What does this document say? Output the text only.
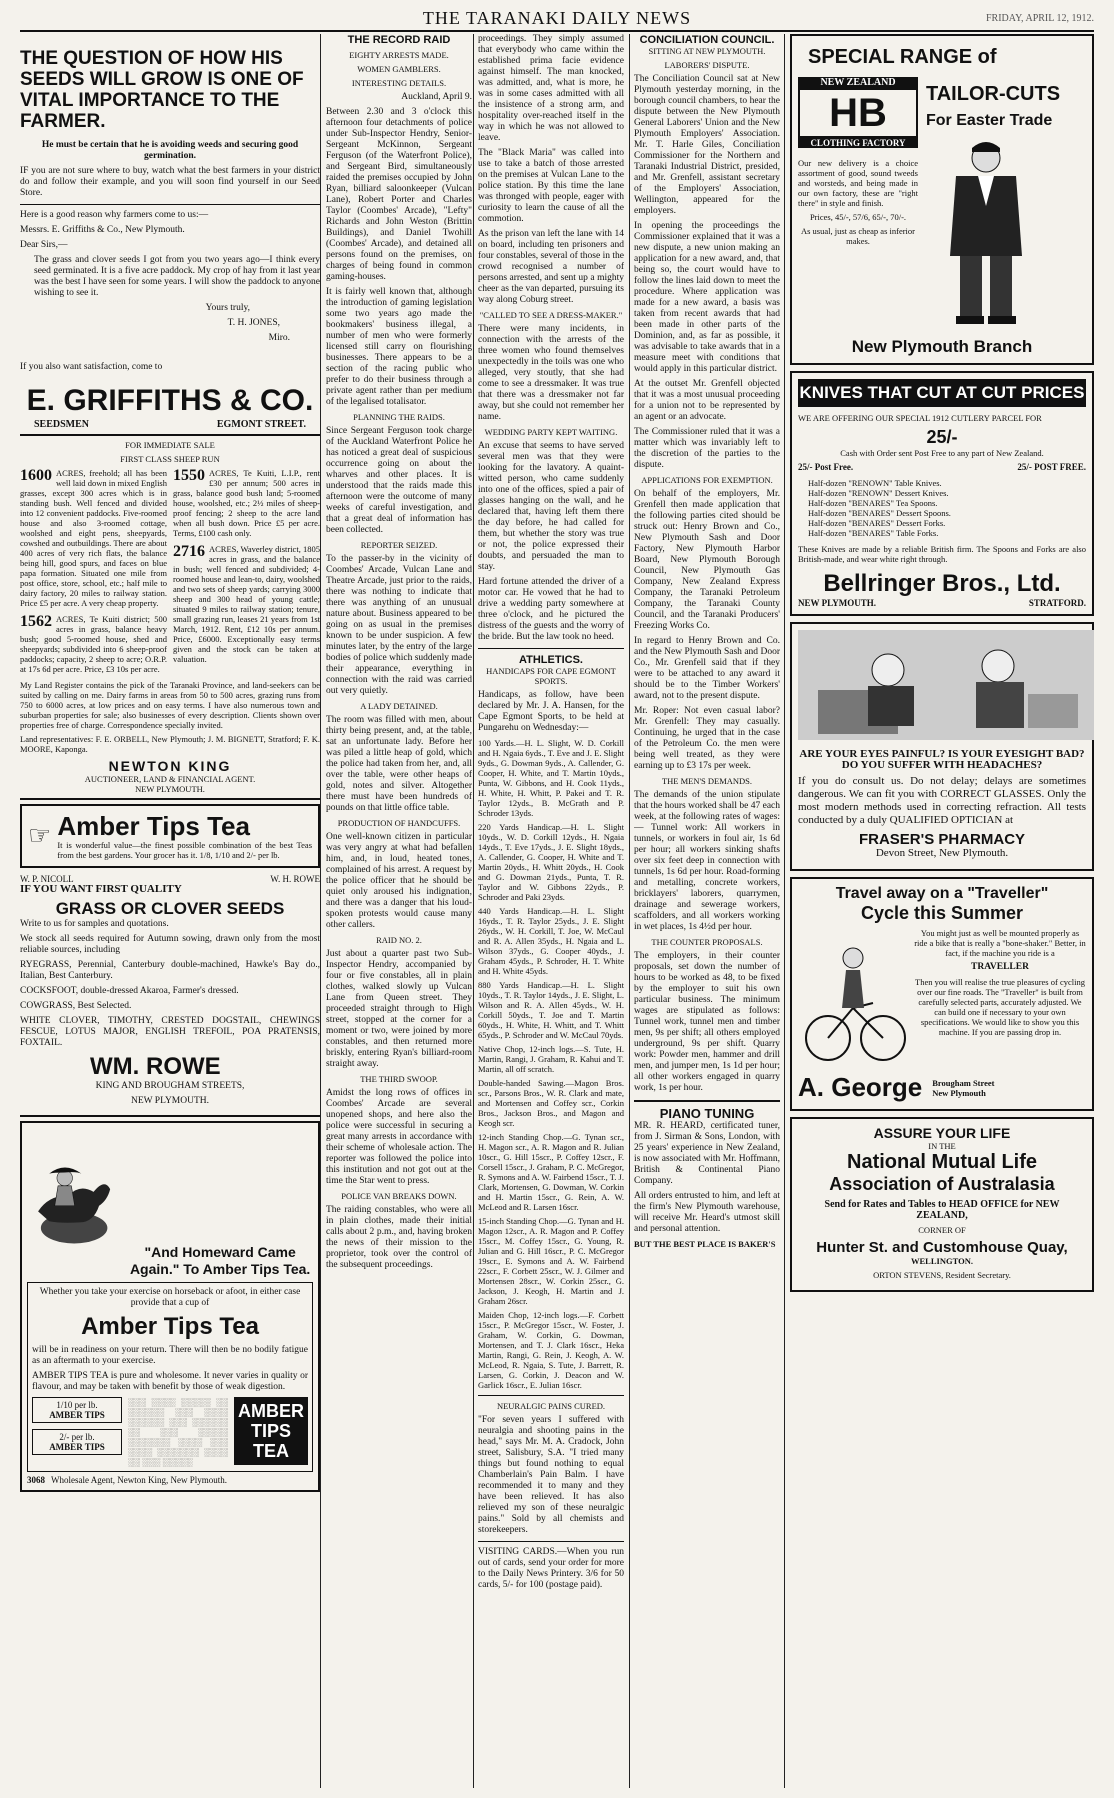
THE TARANAKI DAILY NEWS	FRIDAY, APRIL 12, 1912.
THE QUESTION OF HOW HIS SEEDS WILL GROW IS ONE OF VITAL IMPORTANCE TO THE FARMER.

He must be certain that he is avoiding weeds and securing good germination.

IF you are not sure where to buy, watch what the best farmers in your district do and follow their example, and you will soon find yourself in our Seed Store.

Here is a good reason why farmers come to us:—

Messrs. E. Griffiths & Co., New Plymouth.

Dear Sirs,—

The grass and clover seeds I got from you two years ago—I think every seed germinated. It is a five acre paddock. My crop of hay from it last year was the best I have seen for some years. I will show the paddock to anyone wishing to see it.

Yours truly,

T. H. JONES,

Miro.

If you also want satisfaction, come to

E. GRIFFITHS & CO.
SEEDSMEN	EGMONT STREET.

FOR IMMEDIATE SALE

FIRST CLASS SHEEP RUN

1600 ACRES, freehold; all has been well laid down in mixed English grasses, except 300 acres which is in standing bush. Well fenced and divided into 12 convenient paddocks. Five-roomed house and also 3-roomed cottage, woolshed and eight pens, sheepyards, cowshed and outbuildings. There are about 400 acres of very rich flats, the balance being hill, good spurs, and faces on blue papa formation. Situated one mile from post office, store, school, etc.; half mile to dairy factory, 20 miles to railway station. Price £5 per acre. A very cheap property.
1562 ACRES, Te Kuiti district; 500 acres in grass, balance heavy bush; good 5-roomed house, shed and sheepyards; subdivided into 6 sheep-proof paddocks; capacity, 2 sheep to acre; O.R.P. at 17s 6d per acre. Price, £3 10s per acre.
1550 ACRES, Te Kuiti, L.I.P., rent £30 per annum; 500 acres in grass, balance good bush land; 5-roomed house, woolshed, etc.; 2½ miles of sheep-proof fencing; 2 sheep to the acre land when all bush down. Price £5 per acre. Terms, £100 cash only.
2716 ACRES, Waverley district, 1805 acres in grass, and the balance in bush; well fenced and subdivided; 4-roomed house and lean-to, dairy, woolshed and two sets of sheep yards; carrying 3000 sheep and 300 head of young cattle; situated 9 miles to railway station; tenure, small grazing run, leases 21 years from 1st March, 1912. Rent, £12 10s per annum. Price, £6000. Exceptionally easy terms given and the stock can be taken at valuation.

My Land Register contains the pick of the Taranaki Province, and land-seekers can be suited by calling on me. Dairy farms in areas from 50 to 500 acres, grazing runs from 750 to 6000 acres, at low prices and on easy terms. I have also numerous town and suburban properties for sale; also businesses of every description. Clients shown over properties free of charge. Correspondence specially invited.

Land representatives: F. E. ORBELL, New Plymouth; J. M. BIGNETT, Stratford; F. K. MOORE, Kaponga.

NEWTON KING

AUCTIONEER, LAND & FINANCIAL AGENT.

NEW PLYMOUTH.

☞ Amber Tips Tea

It is wonderful value—the finest possible combination of the best Teas from the best gardens. Your grocer has it. 1/8, 1/10 and 2/- per lb.

W. P. NICOLL	W. H. ROWE

IF YOU WANT FIRST QUALITY

GRASS OR CLOVER SEEDS

Write to us for samples and quotations.

We stock all seeds required for Autumn sowing, drawn only from the most reliable sources, including

RYEGRASS, Perennial, Canterbury double-machined, Hawke's Bay do., Italian, Best Canterbury.

COCKSFOOT, double-dressed Akaroa, Farmer's dressed.

COWGRASS, Best Selected.

WHITE CLOVER, TIMOTHY, CRESTED DOGSTAIL, CHEWINGS FESCUE, LOTUS MAJOR, ENGLISH TREFOIL, POA PRATENSIS, FOXTAIL.

WM. ROWE

KING AND BROUGHAM STREETS,

NEW PLYMOUTH.

"And Homeward Came Again." To Amber Tips Tea.

Whether you take your exercise on horseback or afoot, in either case provide that a cup of

Amber Tips Tea

will be in readiness on your return. There will then be no bodily fatigue as an aftermath to your exercise.

AMBER TIPS TEA is pure and wholesome. It never varies in quality or flavour, and may be taken with benefit by those of weak digestion.

1/10 per lb.
AMBER TIPS
2/- per lb.
AMBER TIPS
░░░ ░░░░ ░░░░░ ░░ ░░░░░░ ░░░ ░░░░ ░░░░░░ ░░░ ░░░░░░ ░░ ░░░ ░░░░░ ░░░░░░░ ░░░░ ░░░ ░░░░ ░░░░░░░ ░░░░ ░░ ░░░ ░░░░░
AMBER TIPS TEA
3068 Wholesale Agent, Newton King, New Plymouth.
THE RECORD RAID

EIGHTY ARRESTS MADE.

WOMEN GAMBLERS.

INTERESTING DETAILS.

Auckland, April 9.

Between 2.30 and 3 o'clock this afternoon four detachments of police under Sub-Inspector Hendry, Senior-Sergeant McKinnon, Sergeant Ferguson (of the Waterfront Police), and Sergeant Bird, simultaneously raided the premises occupied by John Ryan, billiard saloonkeeper (Vulcan Lane), Robert Porter and Charles Taylor (Coombes' Arcade), "Lefty" Richards and John Weston (Brittin Buildings), and Daniel Twohill (Coombes' Arcade), and detained all persons found on the premises, on charges of being found in common gaming-houses.

It is fairly well known that, although the introduction of gaming legislation some two years ago made the bookmakers' business illegal, a number of men who were formerly licensed still carry on flourishing businesses. There appears to be a section of the racing public who prefer to do their business through a private agent rather than per medium of the legalised totalisator.

PLANNING THE RAIDS.

Since Sergeant Ferguson took charge of the Auckland Waterfront Police he has noticed a great deal of suspicious occurrence going on about the wharves and other places. It is understood that the raids made this afternoon were the outcome of many weeks of careful investigation, and that a great deal of information has been collected.

REPORTER SEIZED.

To the passer-by in the vicinity of Coombes' Arcade, Vulcan Lane and Theatre Arcade, just prior to the raids, there was nothing to indicate that there was anything of an unusual nature about. Business appeared to be going on as usual in the premises known to be under suspicion. A few minutes later, by the entry of the large bodies of police which suddenly made their appearance, everything in connection with the raid was carried out very quietly.

A LADY DETAINED.

The room was filled with men, about thirty being present, and, at the table, sat an unfortunate lady. Before her was piled a little heap of gold, which the police had taken from her, and, all over the table, were other heaps of gold, notes and silver. Altogether there must have been hundreds of pounds on that little office table.

PRODUCTION OF HANDCUFFS.

One well-known citizen in particular was very angry at what had befallen him, and, in loud, heated tones, complained of his arrest. A request by the police officer that he should be quiet only aroused his indignation, and there was a danger that his loud-spoken protests would cause many other callers.

RAID NO. 2.

Just about a quarter past two Sub-Inspector Hendry, accompanied by four or five constables, all in plain clothes, walked slowly up Vulcan Lane from Queen street. They proceeded straight through to High street, stopped at the corner for a moment or two, were joined by more constables, and then returned more briskly, entering Ryan's billiard-room straight away.

THE THIRD SWOOP.

Amidst the long rows of offices in Coombes' Arcade are several unopened shops, and here also the police were successful in securing a great many arrests in accordance with their scheme of wholesale action. The reporter was followed the police into this institution and not got out at the time the Star went to press.

POLICE VAN BREAKS DOWN.

The raiding constables, who were all in plain clothes, made their initial calls about 2 p.m., and, having broken the news of their mission to the proprietor, took over the control of the subsequent proceedings.

proceedings. They simply assumed that everybody who came within the established prima facie evidence against himself. The man knocked, was admitted, and, what is more, he was in some cases admitted with all the insistence of a strong arm, and hospitality over-reached itself in the way in which he was not allowed to leave.

The "Black Maria" was called into use to take a batch of those arrested on the premises at Vulcan Lane to the police station. By this time the lane was thronged with people, eager with curiosity to learn the cause of all the commotion.

As the prison van left the lane with 14 on board, including ten prisoners and four constables, several of those in the crowd recognised a number of persons arrested, and sent up a mighty cheer as the van departed, pursuing its way along Coburg street.

"CALLED TO SEE A DRESS-MAKER."

There were many incidents, in connection with the arrests of the three women who found themselves unexpectedly in the toils was one who alleged, very stoutly, that she had come to see a dressmaker. It was true that there was a dressmaker not far away, but she could not remember her name.

WEDDING PARTY KEPT WAITING.

An excuse that seems to have served several men was that they were looking for the lavatory. A quaint-witted person, who came suddenly into one of the offices, spied a pair of glasses hanging on the wall, and he declared that, having left them there the day before, he had called for them, but whether the story was true or not, the police expressed their doubts, and persuaded the man to stay.

Hard fortune attended the driver of a motor car. He vowed that he had to drive a wedding party somewhere at three o'clock, and he pictured the distress of the guests and the worry of the bride. But the law took no heed.

ATHLETICS.

HANDICAPS FOR CAPE EGMONT SPORTS.

Handicaps, as follow, have been declared by Mr. J. A. Hansen, for the Cape Egmont Sports, to be held at Pungarehu on Wednesday:—

100 Yards.—H. L. Slight, W. D. Corkill and H. Ngaia 6yds., T. Eve and J. E. Slight 9yds., G. Dowman 9yds., A. Callender, G. Cooper, H. White, and T. Martin 10yds., Punta, W. Gibbons, and H. Cook 11yds., H. White, H. Whitt, P. Pakei and T. R. Taylor 12yds., B. McGrath and P. Schroder 13yds.

220 Yards Handicap.—H. L. Slight 10yds., W. D. Corkill 12yds., H. Ngaia 14yds., T. Eve 17yds., J. E. Slight 18yds., A. Callender, G. Cooper, H. White and T. Martin 20yds., H. Whitt 20yds., H. Cook and G. Dowman 21yds., Punta, T. R. Taylor and W. Gibbons 22yds., P. Schroder and Paki 23yds.

440 Yards Handicap.—H. L. Slight 16yds., T. R. Taylor 25yds., J. E. Slight 26yds., W. H. Corkill, T. Joe, W. McCaul and R. A. Allen 35yds., H. Ngaia and L. Wilson 37yds., G. Cooper 40yds., J. Graham 45yds., P. Schroder, H. T. White and H. White 45yds.

880 Yards Handicap.—H. L. Slight 10yds., T. R. Taylor 14yds., J. E. Slight, L. Wilson and R. A. Allen 45yds., W. H. Corkill 50yds., T. Joe and T. Martin 60yds., H. White, H. Whitt, and T. Whitt 65yds., P. Schroder and W. McCaul 70yds.

Native Chop, 12-inch logs.—S. Tute, H. Martin, Rangi, J. Graham, R. Kahui and T. Martin, all off scratch.

Double-handed Sawing.—Magon Bros. scr., Parsons Bros., W. R. Clark and mate, and Mortensen and Coffey scr., Corkin Bros., Jackson Bros., and Magon and Keogh scr.

12-inch Standing Chop.—G. Tynan scr., H. Magon scr., A. R. Magon and R. Julian 10scr., G. Hill 15scr., P. Coffey 12scr., F. Corsell 15scr., J. Graham, P. C. McGregor, R. Symons and A. W. Fairbend 15scr., T. J. Clark, Mortensen, G. Dowman, W. Corkin and H. Martin 15scr., G. Rein, A. W. McLeod and R. Larsen 16scr.

15-inch Standing Chop.—G. Tynan and H. Magon 12scr., A. R. Magon and P. Coffey 15scr., M. Coffey 15scr., G. Young, R. Julian and G. Hill 16scr., P. C. McGregor 19scr., E. Symons and A. W. Fairbend 22scr., F. Corbett 25scr., W. J. Gilmer and Mortensen 28scr., W. Corkin 25scr., G. Jackson, J. Keogh, H. Martin and J. Graham 26scr.

Maiden Chop, 12-inch logs.—F. Corbett 15scr., P. McGregor 15scr., W. Foster, J. Graham, W. Corkin, G. Dowman, Mortensen, and T. J. Clark 16scr., Heka Martin, Rangi, G. Rein, J. Keogh, A. W. McLeod, R. Ngaia, S. Tute, J. Barrett, R. Larsen, G. Corkin, J. Deacon and W. Garlick 16scr., E. Julian 16scr.

NEURALGIC PAINS CURED.

"For seven years I suffered with neuralgia and shooting pains in the head," says Mr. M. A. Cradock, John street, Salisbury, S.A. "I tried many things but found nothing to equal Chamberlain's Pain Balm. I have recommended it to many and they have been relieved. It has also relieved my son of these neuralgic pains." Sold by all chemists and storekeepers.

VISITING CARDS.—When you run out of cards, send your order for more to the Daily News Printery. 3/6 for 50 cards, 5/- for 100 (postage paid).

SPECIAL RANGE of
NEW ZEALAND
HB
CLOTHING FACTORY

Our new delivery is a choice assortment of good, sound tweeds and worsteds, and being made in our own factory, these are "right there" in style and finish.

Prices, 45/-, 57/6, 65/-, 70/-.

As usual, just as cheap as inferior makes.

TAILOR-CUTS
For Easter Trade
New Plymouth Branch
KNIVES THAT CUT AT CUT PRICES

WE ARE OFFERING OUR SPECIAL 1912 CUTLERY PARCEL FOR

25/-

Cash with Order sent Post Free to any part of New Zealand.

25/- Post Free.	25/- POST FREE.
Half-dozen "RENOWN" Table Knives.
Half-dozen "RENOWN" Dessert Knives.
Half-dozen "BENARES" Tea Spoons.
Half-dozen "BENARES" Dessert Spoons.
Half-dozen "BENARES" Dessert Forks.
Half-dozen "BENARES" Table Forks.

These Knives are made by a reliable British firm. The Spoons and Forks are also British-made, and wear white right through.

Bellringer Bros., Ltd.
NEW PLYMOUTH.	STRATFORD.

ARE YOUR EYES PAINFUL? IS YOUR EYESIGHT BAD? DO YOU SUFFER WITH HEADACHES?

If you do consult us. Do not delay; delays are sometimes dangerous. We can fit you with CORRECT GLASSES. Only the most modern methods used in correcting refraction. All tests conducted by a duly QUALIFIED OPTICIAN at

FRASER'S PHARMACY

Devon Street, New Plymouth.

Travel away on a "Traveller"
Cycle this Summer

You might just as well be mounted properly as ride a bike that is really a "bone-shaker." Better, in fact, if the machine you ride is a

TRAVELLER

Then you will realise the true pleasures of cycling over our fine roads. The "Traveller" is built from carefully selected parts, accurately adjusted. We can build one if necessary to your own specifications. We would like to show you this machine. If you are passing drop in.

A. George Brougham Street
New Plymouth
ASSURE YOUR LIFE
IN THE
National Mutual Life
Association of Australasia

Send for Rates and Tables to HEAD OFFICE for NEW ZEALAND,

CORNER OF

Hunter St. and Customhouse Quay,

WELLINGTON.

ORTON STEVENS, Resident Secretary.

CONCILIATION COUNCIL.

SITTING AT NEW PLYMOUTH.

LABORERS' DISPUTE.

The Conciliation Council sat at New Plymouth yesterday morning, in the borough council chambers, to hear the dispute between the New Plymouth General Laborers' Union and the New Plymouth Employers' Association. Mr. T. Harle Giles, Conciliation Commissioner for the Northern and Taranaki Industrial District, presided, and Mr. Grenfell, assistant secretary of the Employers' Association, Wellington, appeared for the employers.

In opening the proceedings the Commissioner explained that it was a new dispute, a new union making an application for a new award, and, that being so, the court would have to follow the lines laid down to meet the procedure. Where application was made for a new award, a basis was taken from recent awards that had been made in other parts of the Dominion, and, as far as possible, it was advisable to take awards that in a measure meet with conditions that would apply in this particular district.

At the outset Mr. Grenfell objected that it was a most unusual proceeding for a union not to be represented by an agent or an advocate.

The Commissioner ruled that it was a matter which was invariably left to the discretion of the parties to the dispute.

APPLICATIONS FOR EXEMPTION.

On behalf of the employers, Mr. Grenfell then made application that the following parties cited should be struck out: Henry Brown and Co., New Plymouth Sash and Door Factory, New Plymouth Harbor Board, New Plymouth Borough Council, New Plymouth Gas Company, New Zealand Express Company, the Taranaki Petroleum Company, the Taranaki County Council, and the Taranaki Producers' Freezing Works Co.

In regard to Henry Brown and Co. and the New Plymouth Sash and Door Co., Mr. Grenfell said that if they were to be attached to any award it should be to the Timber Workers' award, not to the present dispute.

Mr. Roper: Not even casual labor? Mr. Grenfell: They may casually. Continuing, he urged that in the case of the Petroleum Co. the men were being well treated, as they were earning up to £3 17s per week.

THE MEN'S DEMANDS.

The demands of the union stipulate that the hours worked shall be 47 each week, at the following rates of wages:— Tunnel work: All workers in tunnels, or workers in foul air, 1s 6d per hour; all workers sinking shafts over six feet deep in connection with tunnels, 1s 6d per hour. Road-forming and metalling, concrete workers, bricklayers' laborers, quarrymen, drainage and sewerage workers, scaffolders, and all workers working in wet places, 1s 4½d per hour.

THE COUNTER PROPOSALS.

The employers, in their counter proposals, set down the number of hours to be worked as 48, to be fixed by the employer to suit his own particular business. The minimum wages are stipulated as follows: Tunnel work, tunnel men and timber men, 9s per shift; all others employed underground, 9s per shift. Quarry work: Powder men, hammer and drill men, and jumper men, 1s 1d per hour; all other workers engaged in quarry work, 1s per hour.

PIANO TUNING

MR. R. HEARD, certificated tuner, from J. Sirman & Sons, London, with 25 years' experience in New Zealand, is now associated with Mr. Hoffmann, British & Continental Piano Company.

All orders entrusted to him, and left at the firm's New Plymouth warehouse, will receive Mr. Heard's utmost skill and personal attention.

BUT THE BEST PLACE IS BAKER'S
